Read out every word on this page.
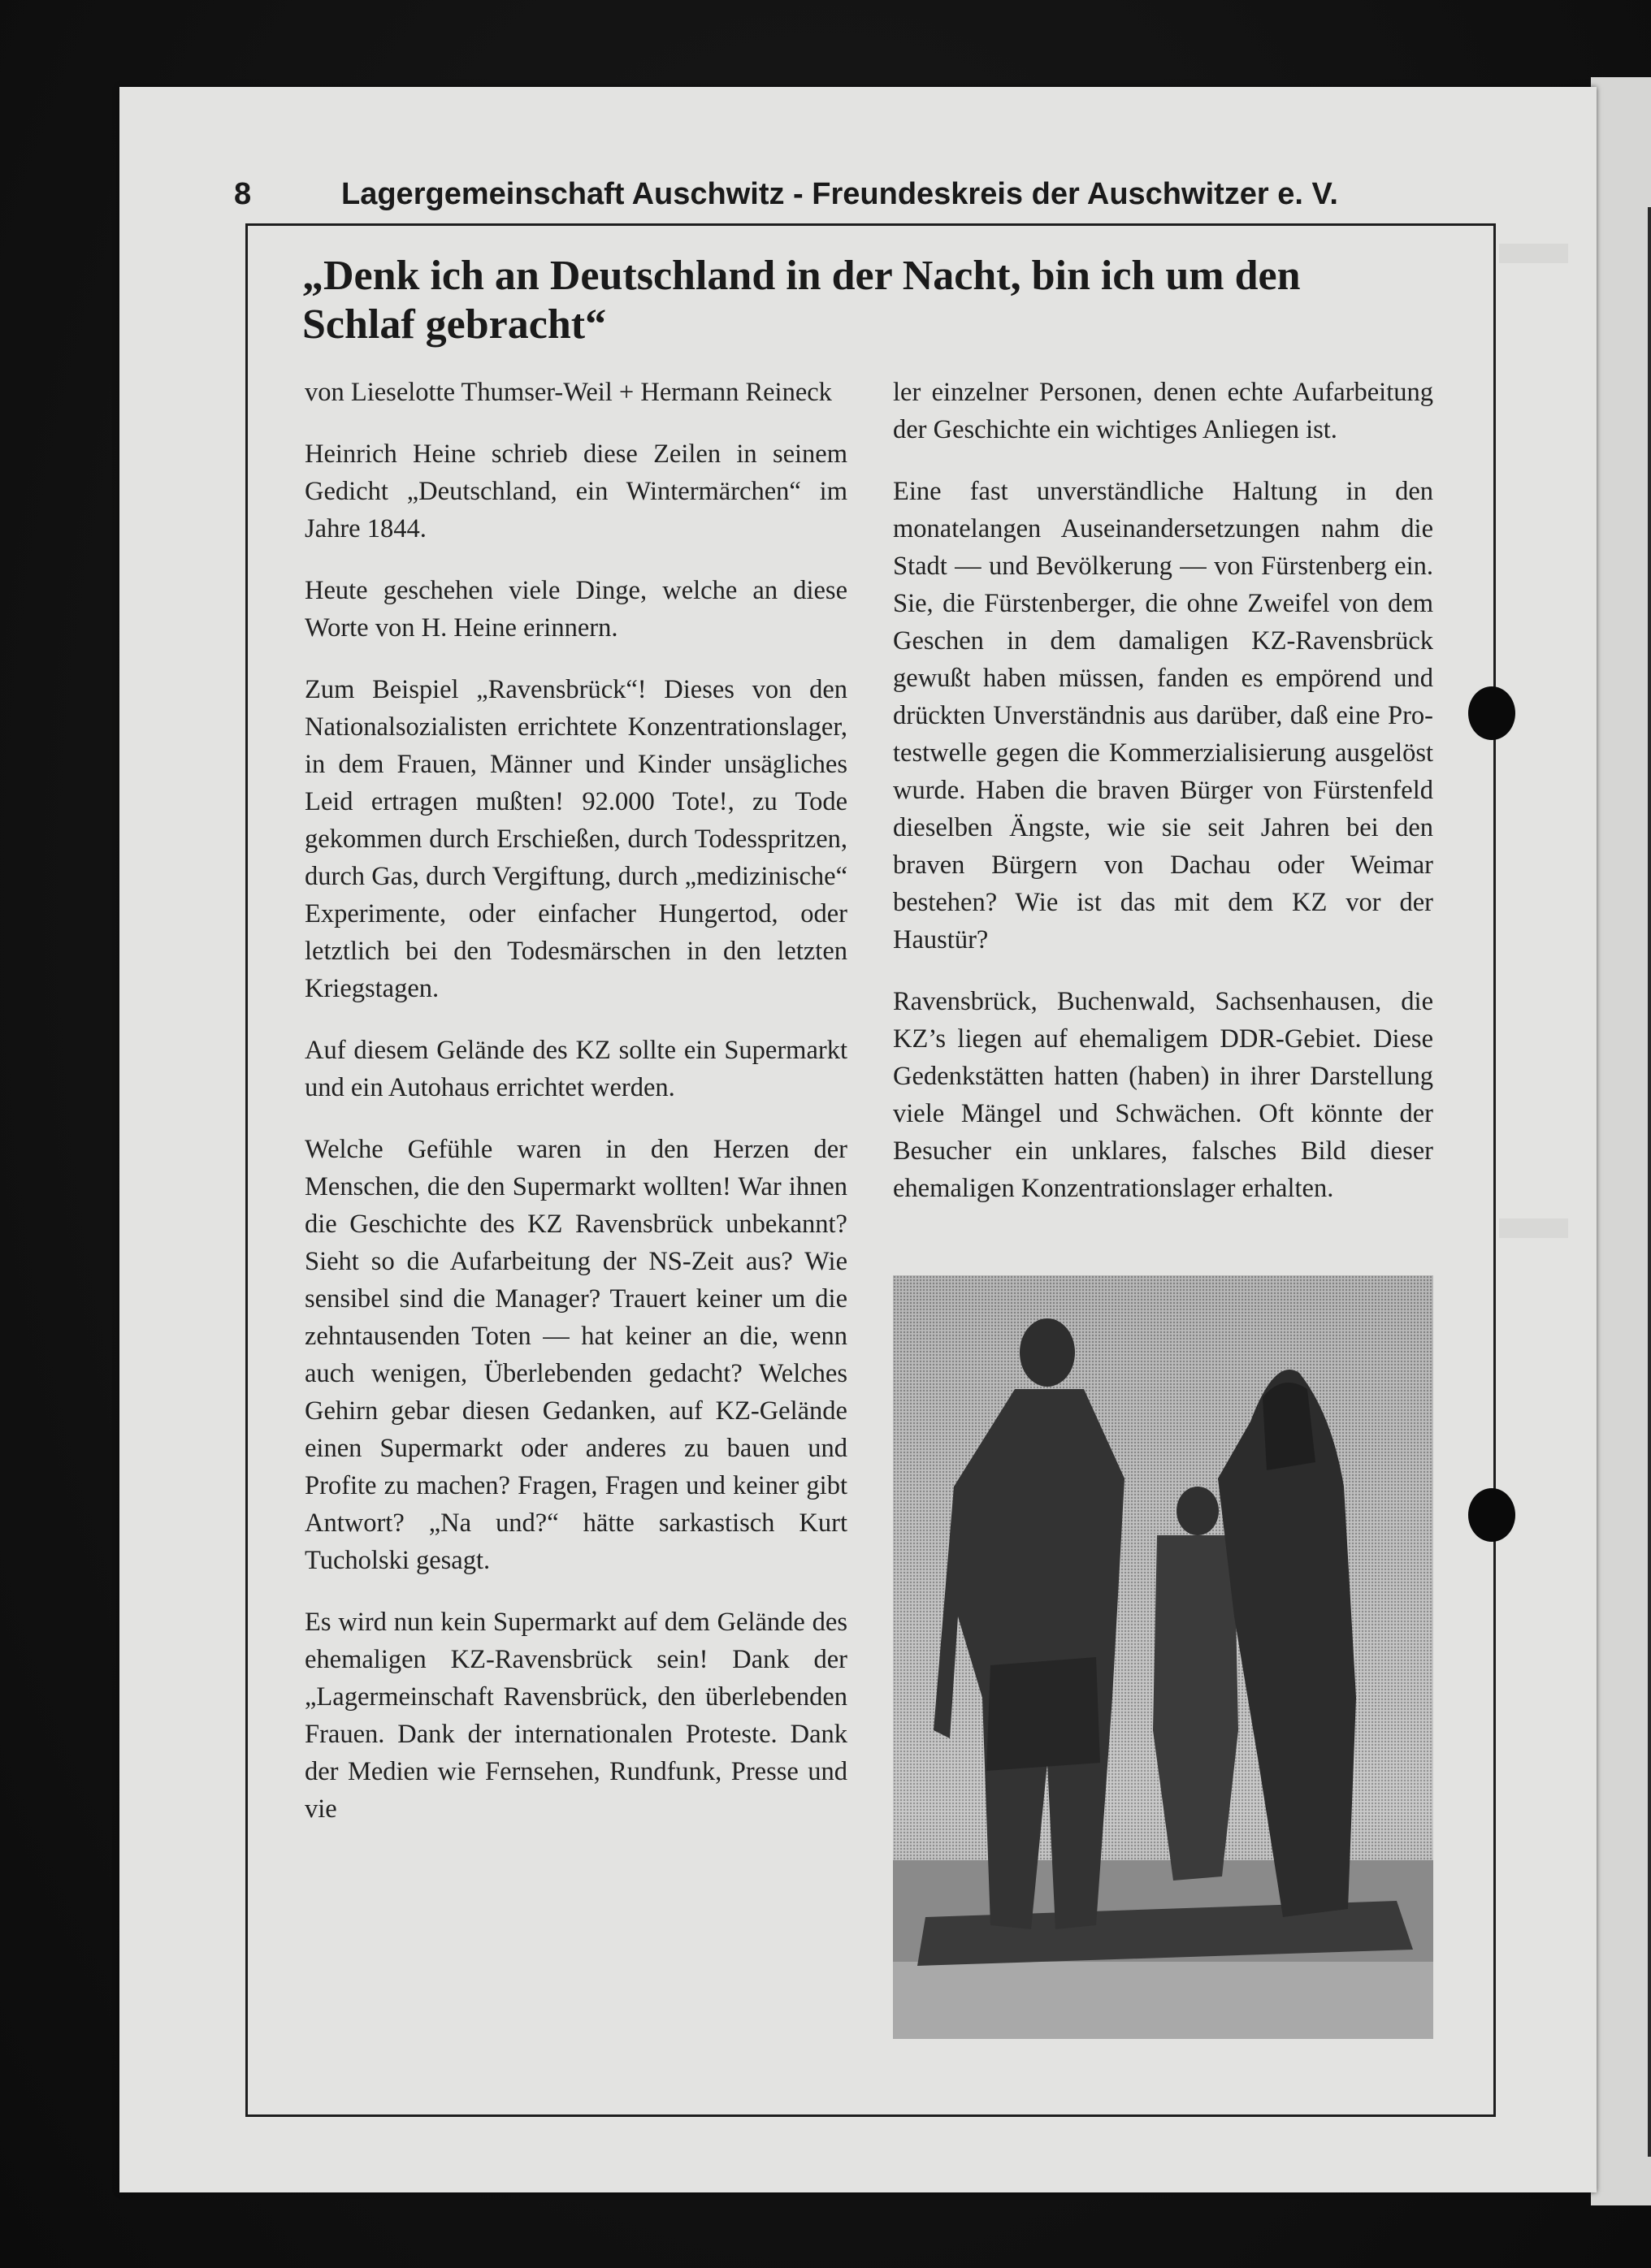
8	Lagergemeinschaft Auschwitz - Freundeskreis der Auschwitzer e. V.
„Denk ich an Deutschland in der Nacht, bin ich um den Schlaf gebracht“

von Lieselotte Thumser-Weil + Hermann Reineck

Heinrich Heine schrieb diese Zeilen in seinem Gedicht „Deutschland, ein Wintermärchen“ im Jahre 1844.

Heute geschehen viele Dinge, welche an diese Worte von H. Heine erinnern.

Zum Beispiel „Ravensbrück“! Dieses von den Nationalsozialisten errichtete Konzentrationslager, in dem Frauen, Männer und Kinder unsägliches Leid ertragen mußten! 92.000 Tote!, zu Tode gekommen durch Erschießen, durch Todesspritzen, durch Gas, durch Vergiftung, durch „medizinische“ Experimente, oder einfacher Hungertod, oder letztlich bei den Todesmärschen in den letzten Kriegstagen.

Auf diesem Gelände des KZ sollte ein Supermarkt und ein Autohaus errichtet werden.

Welche Gefühle waren in den Herzen der Menschen, die den Supermarkt wollten! War ihnen die Geschichte des KZ Ravensbrück unbekannt? Sieht so die Aufarbeitung der NS-Zeit aus? Wie sensibel sind die Manager? Trauert keiner um die zehntausenden Toten — hat keiner an die, wenn auch wenigen, Überlebenden gedacht? Welches Gehirn gebar diesen Gedanken, auf KZ-Gelände einen Supermarkt oder anderes zu bauen und Profite zu machen? Fragen, Fragen und keiner gibt Antwort? „Na und?“ hätte sarkastisch Kurt Tucholski gesagt.

Es wird nun kein Supermarkt auf dem Gelände des ehemaligen KZ-Ravensbrück sein! Dank der „Lagermeinschaft Ravensbrück, den überlebenden Frauen. Dank der internationalen Proteste. Dank der Medien wie Fernsehen, Rundfunk, Presse und vie

ler einzelner Personen, denen echte Aufarbeitung der Geschichte ein wichtiges Anliegen ist.

Eine fast unverständliche Haltung in den monatelangen Auseinandersetzungen nahm die Stadt — und Bevölkerung — von Fürstenberg ein. Sie, die Fürstenberger, die ohne Zweifel von dem Geschen in dem damaligen KZ-Ravensbrück gewußt haben müssen, fanden es empörend und drückten Unverständnis aus darüber, daß eine Protestwelle gegen die Kommerzialisierung ausgelöst wurde. Haben die braven Bürger von Fürstenfeld dieselben Ängste, wie sie seit Jahren bei den braven Bürgern von Dachau oder Weimar bestehen? Wie ist das mit dem KZ vor der Haustür?

Ravensbrück, Buchenwald, Sachsenhausen, die KZ’s liegen auf ehemaligem DDR-Gebiet. Diese Gedenkstätten hatten (haben) in ihrer Darstellung viele Mängel und Schwächen. Oft könnte der Besucher ein unklares, falsches Bild dieser ehemaligen Konzentrationslager erhalten.
